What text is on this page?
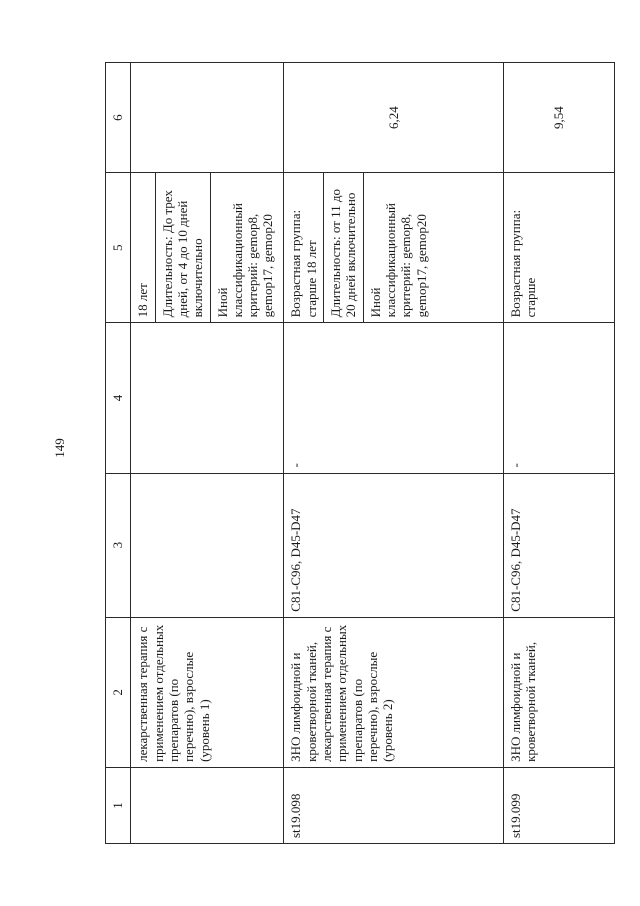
149
1	2	3	4	5	6
	лекарственная терапия с применением отдельных препаратов (по перечню), взрослые (уровень 1)			18 лет Длительность: До трех дней, от 4 до 10 дней включительно Иной классификационный критерий: gemop8, gemop17, gemop20	

st19.098	ЗНО лимфоидной и кроветворной тканей, лекарственная терапия с применением отдельных препаратов (по перечню), взрослые (уровень 2)	C81-C96, D45-D47	-	Возрастная группа: старше 18 лет Длительность: от 11 до 20 дней включительно Иной классификационный критерий: gemop8, gemop17, gemop20	6,24
st19.099	ЗНО лимфоидной и кроветворной тканей,	C81-C96, D45-D47	-	Возрастная группа: старше	9,54
